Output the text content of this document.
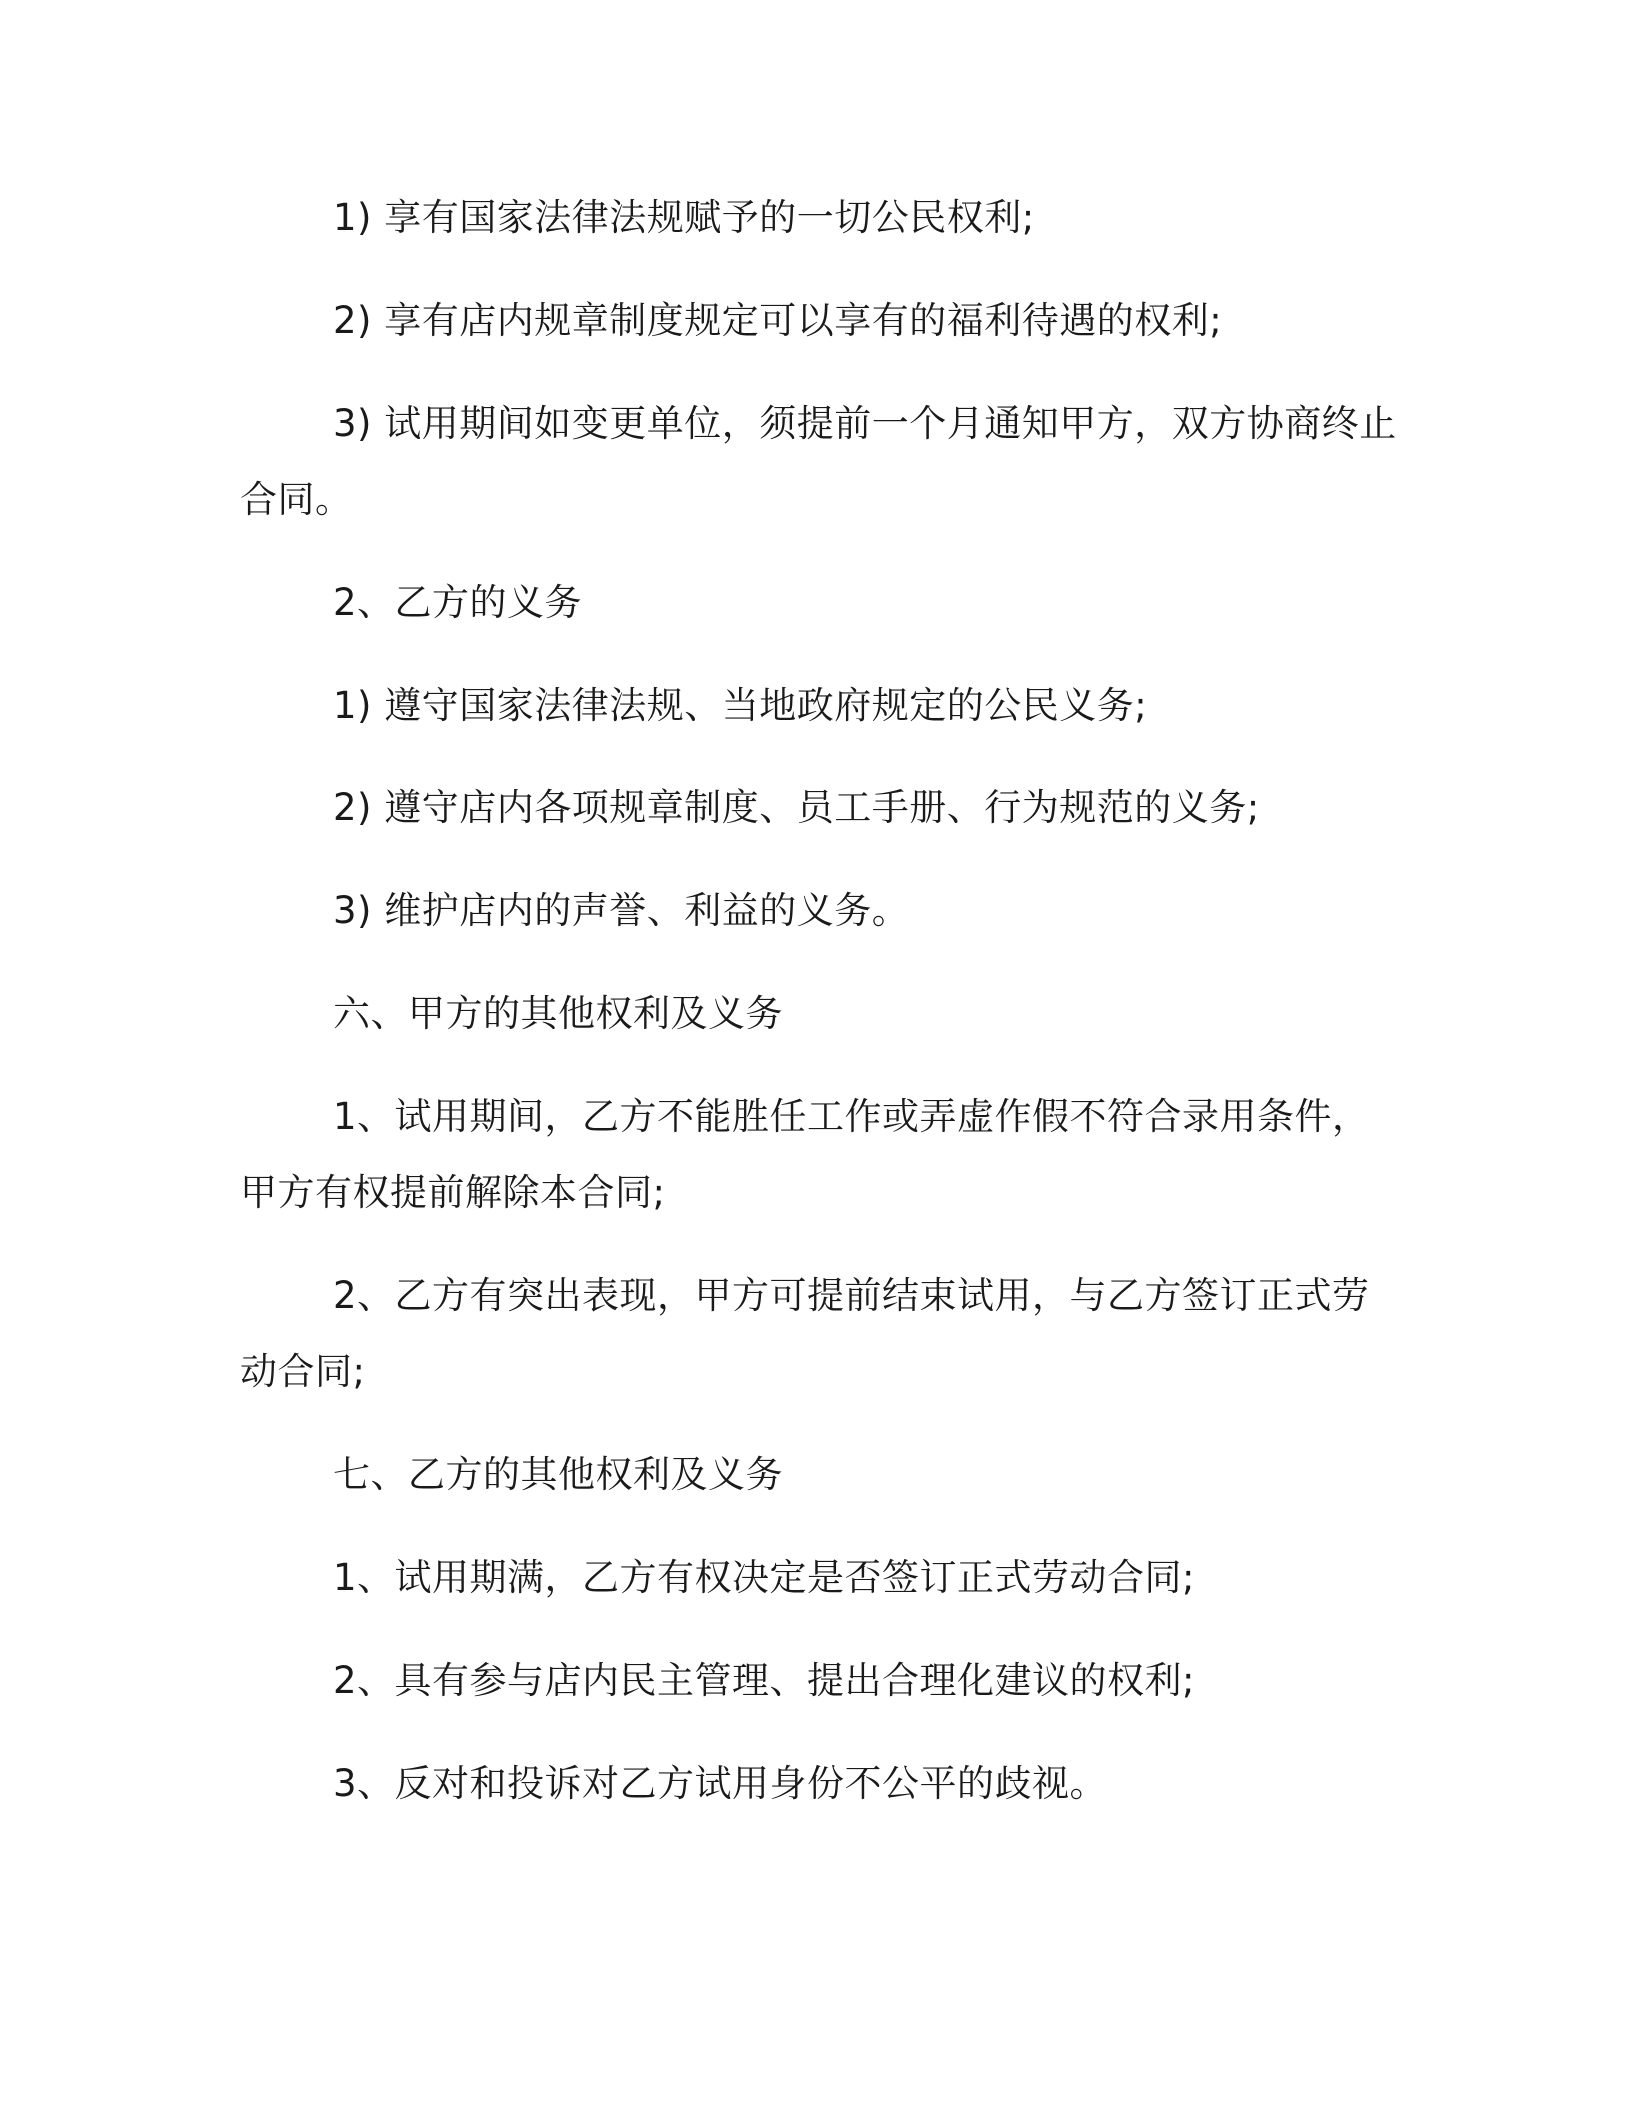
1) 享有国家法律法规赋予的一切公民权利;

2) 享有店内规章制度规定可以享有的福利待遇的权利;

3) 试用期间如变更单位，须提前一个月通知甲方，双方协商终止

合同。

2、乙方的义务

1) 遵守国家法律法规、当地政府规定的公民义务;

2) 遵守店内各项规章制度、员工手册、行为规范的义务;

3) 维护店内的声誉、利益的义务。

六、甲方的其他权利及义务

1、试用期间，乙方不能胜任工作或弄虚作假不符合录用条件，

甲方有权提前解除本合同;

2、乙方有突出表现，甲方可提前结束试用，与乙方签订正式劳

动合同;

七、乙方的其他权利及义务

1、试用期满，乙方有权决定是否签订正式劳动合同;

2、具有参与店内民主管理、提出合理化建议的权利;

3、反对和投诉对乙方试用身份不公平的歧视。
